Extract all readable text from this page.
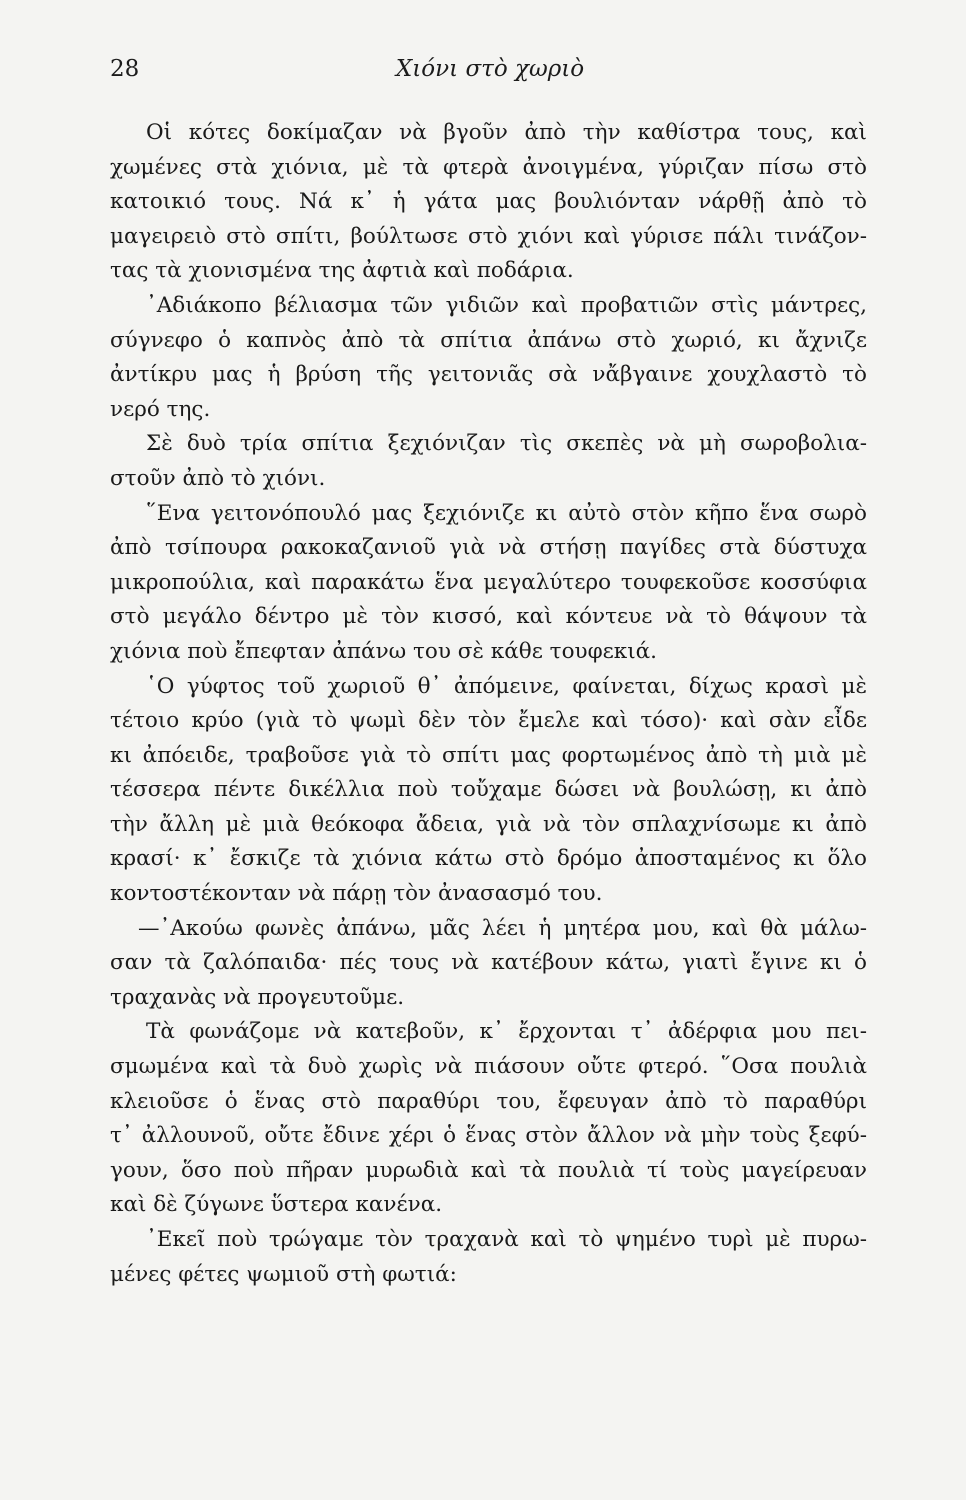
28	Χιόνι στὸ χωριὸ
Οἱ κότες δοκίμαζαν νὰ βγοῦν ἀπὸ τὴν καθίστρα τους, καὶ
χωμένες στὰ χιόνια, μὲ τὰ φτερὰ ἀνοιγμένα, γύριζαν πίσω στὸ
κατοικιό τους. Νά κ᾽ ἡ γάτα μας βουλιόνταν νάρθῇ ἀπὸ τὸ
μαγειρειὸ στὸ σπίτι, βούλτωσε στὸ χιόνι καὶ γύρισε πάλι τινάζον-
τας τὰ χιονισμένα της ἀφτιὰ καὶ ποδάρια.
᾽Αδιάκοπο βέλιασμα τῶν γιδιῶν καὶ προβατιῶν στὶς μάντρες,
σύγνεφο ὁ καπνὸς ἀπὸ τὰ σπίτια ἀπάνω στὸ χωριό, κι ἄχνιζε
ἀντίκρυ μας ἡ βρύση τῆς γειτονιᾶς σὰ νἄβγαινε χουχλαστὸ τὸ
νερό της.
Σὲ δυὸ τρία σπίτια ξεχιόνιζαν τὶς σκεπὲς νὰ μὴ σωροβολια-
στοῦν ἀπὸ τὸ χιόνι.
῞Ενα γειτονόπουλό μας ξεχιόνιζε κι αὐτὸ στὸν κῆπο ἕνα σωρὸ
ἀπὸ τσίπουρα ρακοκαζανιοῦ γιὰ νὰ στήσῃ παγίδες στὰ δύστυχα
μικροπούλια, καὶ παρακάτω ἕνα μεγαλύτερο τουφεκοῦσε κοσσύφια
στὸ μεγάλο δέντρο μὲ τὸν κισσό, καὶ κόντευε νὰ τὸ θάψουν τὰ
χιόνια ποὺ ἔπεφταν ἀπάνω του σὲ κάθε τουφεκιά.
῾Ο γύφτος τοῦ χωριοῦ θ᾽ ἀπόμεινε, φαίνεται, δίχως κρασὶ μὲ
τέτοιο κρύο (γιὰ τὸ ψωμὶ δὲν τὸν ἔμελε καὶ τόσο)· καὶ σὰν εἶδε
κι ἀπόειδε, τραβοῦσε γιὰ τὸ σπίτι μας φορτωμένος ἀπὸ τὴ μιὰ μὲ
τέσσερα πέντε δικέλλια ποὺ τοὔχαμε δώσει νὰ βουλώσῃ, κι ἀπὸ
τὴν ἄλλη μὲ μιὰ θεόκοφα ἄδεια, γιὰ νὰ τὸν σπλαχνίσωμε κι ἀπὸ
κρασί· κ᾽ ἔσκιζε τὰ χιόνια κάτω στὸ δρόμο ἀποσταμένος κι ὅλο
κοντοστέκονταν νὰ πάρῃ τὸν ἀνασασμό του.
—᾽Ακούω φωνὲς ἀπάνω, μᾶς λέει ἡ μητέρα μου, καὶ θὰ μάλω-
σαν τὰ ζαλόπαιδα· πές τους νὰ κατέβουν κάτω, γιατὶ ἔγινε κι ὁ
τραχανὰς νὰ προγευτοῦμε.
Τὰ φωνάζομε νὰ κατεβοῦν, κ᾽ ἔρχονται τ᾽ ἀδέρφια μου πει-
σμωμένα καὶ τὰ δυὸ χωρὶς νὰ πιάσουν οὔτε φτερό. ῞Οσα πουλιὰ
κλειοῦσε ὁ ἕνας στὸ παραθύρι του, ἔφευγαν ἀπὸ τὸ παραθύρι
τ᾽ ἀλλουνοῦ, οὔτε ἔδινε χέρι ὁ ἕνας στὸν ἄλλον νὰ μὴν τοὺς ξεφύ-
γουν, ὅσο ποὺ πῆραν μυρωδιὰ καὶ τὰ πουλιὰ τί τοὺς μαγείρευαν
καὶ δὲ ζύγωνε ὕστερα κανένα.
᾽Εκεῖ ποὺ τρώγαμε τὸν τραχανὰ καὶ τὸ ψημένο τυρὶ μὲ πυρω-
μένες φέτες ψωμιοῦ στὴ φωτιά:
